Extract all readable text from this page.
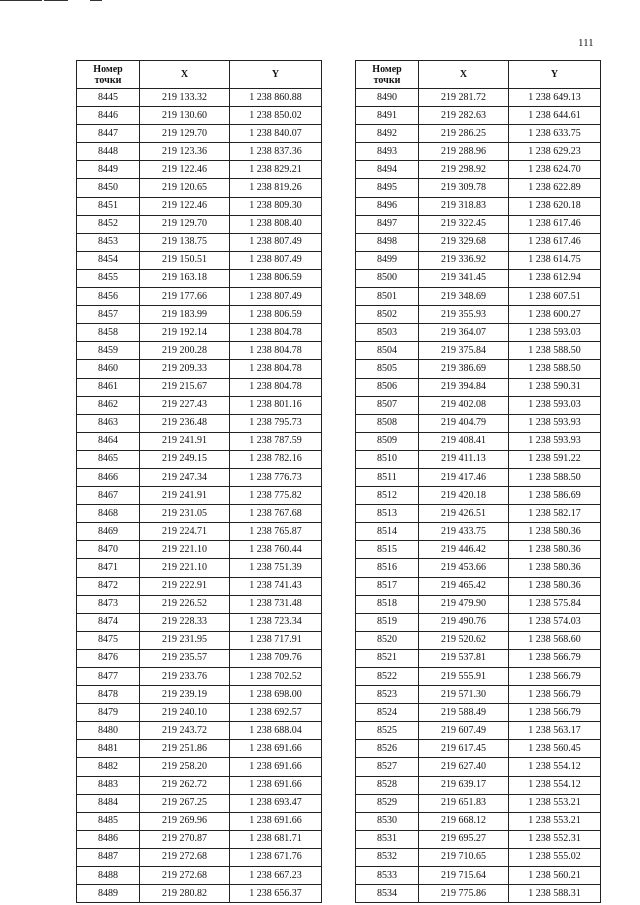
111
Номер
точки	X	Y
8445	219 133.32	1 238 860.88
8446	219 130.60	1 238 850.02
8447	219 129.70	1 238 840.07
8448	219 123.36	1 238 837.36
8449	219 122.46	1 238 829.21
8450	219 120.65	1 238 819.26
8451	219 122.46	1 238 809.30
8452	219 129.70	1 238 808.40
8453	219 138.75	1 238 807.49
8454	219 150.51	1 238 807.49
8455	219 163.18	1 238 806.59
8456	219 177.66	1 238 807.49
8457	219 183.99	1 238 806.59
8458	219 192.14	1 238 804.78
8459	219 200.28	1 238 804.78
8460	219 209.33	1 238 804.78
8461	219 215.67	1 238 804.78
8462	219 227.43	1 238 801.16
8463	219 236.48	1 238 795.73
8464	219 241.91	1 238 787.59
8465	219 249.15	1 238 782.16
8466	219 247.34	1 238 776.73
8467	219 241.91	1 238 775.82
8468	219 231.05	1 238 767.68
8469	219 224.71	1 238 765.87
8470	219 221.10	1 238 760.44
8471	219 221.10	1 238 751.39
8472	219 222.91	1 238 741.43
8473	219 226.52	1 238 731.48
8474	219 228.33	1 238 723.34
8475	219 231.95	1 238 717.91
8476	219 235.57	1 238 709.76
8477	219 233.76	1 238 702.52
8478	219 239.19	1 238 698.00
8479	219 240.10	1 238 692.57
8480	219 243.72	1 238 688.04
8481	219 251.86	1 238 691.66
8482	219 258.20	1 238 691.66
8483	219 262.72	1 238 691.66
8484	219 267.25	1 238 693.47
8485	219 269.96	1 238 691.66
8486	219 270.87	1 238 681.71
8487	219 272.68	1 238 671.76
8488	219 272.68	1 238 667.23
8489	219 280.82	1 238 656.37
Номер
точки	X	Y
8490	219 281.72	1 238 649.13
8491	219 282.63	1 238 644.61
8492	219 286.25	1 238 633.75
8493	219 288.96	1 238 629.23
8494	219 298.92	1 238 624.70
8495	219 309.78	1 238 622.89
8496	219 318.83	1 238 620.18
8497	219 322.45	1 238 617.46
8498	219 329.68	1 238 617.46
8499	219 336.92	1 238 614.75
8500	219 341.45	1 238 612.94
8501	219 348.69	1 238 607.51
8502	219 355.93	1 238 600.27
8503	219 364.07	1 238 593.03
8504	219 375.84	1 238 588.50
8505	219 386.69	1 238 588.50
8506	219 394.84	1 238 590.31
8507	219 402.08	1 238 593.03
8508	219 404.79	1 238 593.93
8509	219 408.41	1 238 593.93
8510	219 411.13	1 238 591.22
8511	219 417.46	1 238 588.50
8512	219 420.18	1 238 586.69
8513	219 426.51	1 238 582.17
8514	219 433.75	1 238 580.36
8515	219 446.42	1 238 580.36
8516	219 453.66	1 238 580.36
8517	219 465.42	1 238 580.36
8518	219 479.90	1 238 575.84
8519	219 490.76	1 238 574.03
8520	219 520.62	1 238 568.60
8521	219 537.81	1 238 566.79
8522	219 555.91	1 238 566.79
8523	219 571.30	1 238 566.79
8524	219 588.49	1 238 566.79
8525	219 607.49	1 238 563.17
8526	219 617.45	1 238 560.45
8527	219 627.40	1 238 554.12
8528	219 639.17	1 238 554.12
8529	219 651.83	1 238 553.21
8530	219 668.12	1 238 553.21
8531	219 695.27	1 238 552.31
8532	219 710.65	1 238 555.02
8533	219 715.64	1 238 560.21
8534	219 775.86	1 238 588.31
